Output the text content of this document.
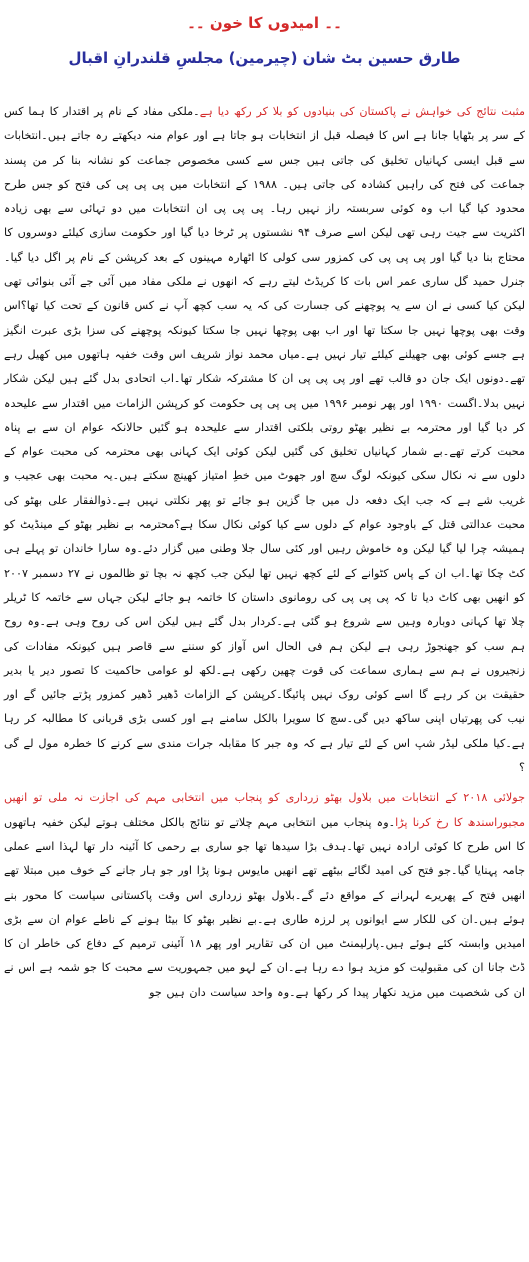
۔۔ امیدوں کا خون ۔۔
طارق حسین بٹ شان (چیرمین) مجلسِ قلندرانِ اقبال

مثبت نتائج کی خواہش نے پاکستان کی بنیادوں کو بلا کر رکھ دیا ہے۔ملکی مفاد کے نام پر اقتدار کا ہما کس کے سر پر بٹھایا جانا ہے اس کا فیصلہ قبل از انتخابات ہو جاتا ہے اور عوام منہ دیکھتے رہ جاتے ہیں۔انتخابات سے قبل ایسی کہانیاں تخلیق کی جاتی ہیں جس سے کسی مخصوص جماعت کو نشانہ بنا کر من پسند جماعت کی فتح کی راہیں کشادہ کی جاتی ہیں۔ ۱۹۸۸ کے انتخابات میں پی پی پی کی فتح کو جس طرح محدود کیا گیا اب وہ کوئی سربستہ راز نہیں رہا۔ پی پی پی ان انتخابات میں دو تہائی سے بھی زیادہ اکثریت سے جیت رہی تھی لیکن اسے صرف ۹۴ نشستوں پر ٹرخا دیا گیا اور حکومت سازی کیلئے دوسروں کا محتاج بنا دیا گیا اور پی پی پی کی کمزور سی کولی کا اٹھارہ مہینوں کے بعد کرپشن کے نام پر اگل دیا گیا۔جنرل حمید گل ساری عمر اس بات کا کریڈٹ لیتے رہے کہ انھوں نے ملکی مفاد میں آئی جے آئی بنوائی تھی لیکن کیا کسی نے ان سے یہ پوچھنے کی جسارت کی کہ یہ سب کچھ آپ نے کس قانون کے تحت کیا تھا؟اس وقت بھی پوچھا نہیں جا سکتا تھا اور اب بھی پوچھا نہیں جا سکتا کیونکہ پوچھنے کی سزا بڑی عبرت انگیز ہے جسے کوئی بھی جھیلنے کیلئے تیار نہیں ہے۔میاں محمد نواز شریف اس وقت خفیہ ہاتھوں میں کھیل رہے تھے۔دونوں ایک جان دو قالب تھے اور پی پی پی ان کا مشترکہ شکار تھا۔اب اتحادی بدل گئے ہیں لیکن شکار نہیں بدلا۔اگست ۱۹۹۰ اور پھر نومبر ۱۹۹۶ میں پی پی پی حکومت کو کرپشن الزامات میں اقتدار سے علیحدہ کر دیا گیا اور محترمہ بے نظیر بھٹو روتی بلکتی اقتدار سے علیحدہ ہو گئیں حالانکہ عوام ان سے بے پناہ محبت کرتے تھے۔بے شمار کہانیاں تخلیق کی گئیں لیکن کوئی ایک کہانی بھی محترمہ کی محبت عوام کے دلوں سے نہ نکال سکی کیونکہ لوگ سچ اور جھوٹ میں خطِ امتیاز کھینچ سکتے ہیں۔یہ محبت بھی عجیب و غریب شے ہے کہ جب ایک دفعہ دل میں جا گزین ہو جائے تو پھر نکلتی نہیں ہے۔ذوالفقار علی بھٹو کی محبت عدالتی قتل کے باوجود عوام کے دلوں سے کیا کوئی نکال سکا ہے؟محترمہ بے نظیر بھٹو کے مینڈیٹ کو ہمیشہ چرا لیا گیا لیکن وہ خاموش رہیں اور کئی سال جلا وطنی میں گزار دئے۔وہ سارا خاندان تو پہلے ہی کٹ چکا تھا۔اب ان کے پاس کٹوانے کے لئے کچھ نہیں تھا لیکن جب کچھ نہ بچا تو ظالموں نے ۲۷ دسمبر ۲۰۰۷ کو انھیں بھی کاٹ دیا تا کہ پی پی پی کی رومانوی داستان کا خاتمہ ہو جائے لیکن جہاں سے خاتمہ کا ٹریلر چلا تھا کہانی دوبارہ وہیں سے شروع ہو گئی ہے۔کردار بدل گئے ہیں لیکن اس کی روح وہی ہے۔وہ روح ہم سب کو جھنجوڑ رہی ہے لیکن ہم فی الحال اس آواز کو سننے سے قاصر ہیں کیونکہ مفادات کی زنجیروں نے ہم سے ہماری سماعت کی قوت چھین رکھی ہے۔لکھ لو عوامی حاکمیت کا تصور دیر یا بدیر حقیقت بن کر رہے گا اسے کوئی روک نہیں پائیگا۔کرپشن کے الزامات ڈھیر ڈھیر کمزور پڑتے جائیں گے اور نیب کی پھرتیاں اپنی ساکھ دیں گی۔سچ کا سویرا بالکل سامنے ہے اور کسی بڑی قربانی کا مطالبہ کر رہا ہے۔کیا ملکی لیڈر شپ اس کے لئے تیار ہے کہ وہ جبر کا مقابلہ جرات مندی سے کرنے کا خطرہ مول لے گی ؟

جولائی ۲۰۱۸ کے انتخابات میں بلاول بھٹو زرداری کو پنجاب میں انتخابی مہم کی اجازت نہ ملی تو انھیں مجبوراسندھ کا رخ کرنا پڑا۔وہ پنجاب میں انتخابی مہم چلاتے تو نتائج بالکل مختلف ہوتے لیکن خفیہ ہاتھوں کا اس طرح کا کوئی ارادہ نہیں تھا۔ہدف بڑا سیدھا تھا جو ساری بے رحمی کا آئینہ دار تھا لہذا اسے عملی جامہ پہنایا گیا۔جو فتح کی امید لگائے بیٹھے تھے انھیں مایوس ہونا پڑا اور جو ہار جانے کے خوف میں مبتلا تھے انھیں فتح کے پھریرے لہرانے کے مواقع دئے گے۔بلاول بھٹو زرداری اس وقت پاکستانی سیاست کا محور بنے ہوئے ہیں۔ان کی للکار سے ایوانوں پر لرزہ طاری ہے۔بے نظیر بھٹو کا بیٹا ہونے کے ناطے عوام ان سے بڑی امیدیں وابستہ کئے ہوئے ہیں۔پارلیمنٹ میں ان کی تقاریر اور پھر ۱۸ آئینی ترمیم کے دفاع کی خاطر ان کا ڈٹ جانا ان کی مقبولیت کو مزید ہوا دے رہا ہے۔ان کے لہو میں جمہوریت سے محبت کا جو شمہ ہے اس نے ان کی شخصیت میں مزید نکھار پیدا کر رکھا ہے۔وہ واحد سیاست دان ہیں جو
